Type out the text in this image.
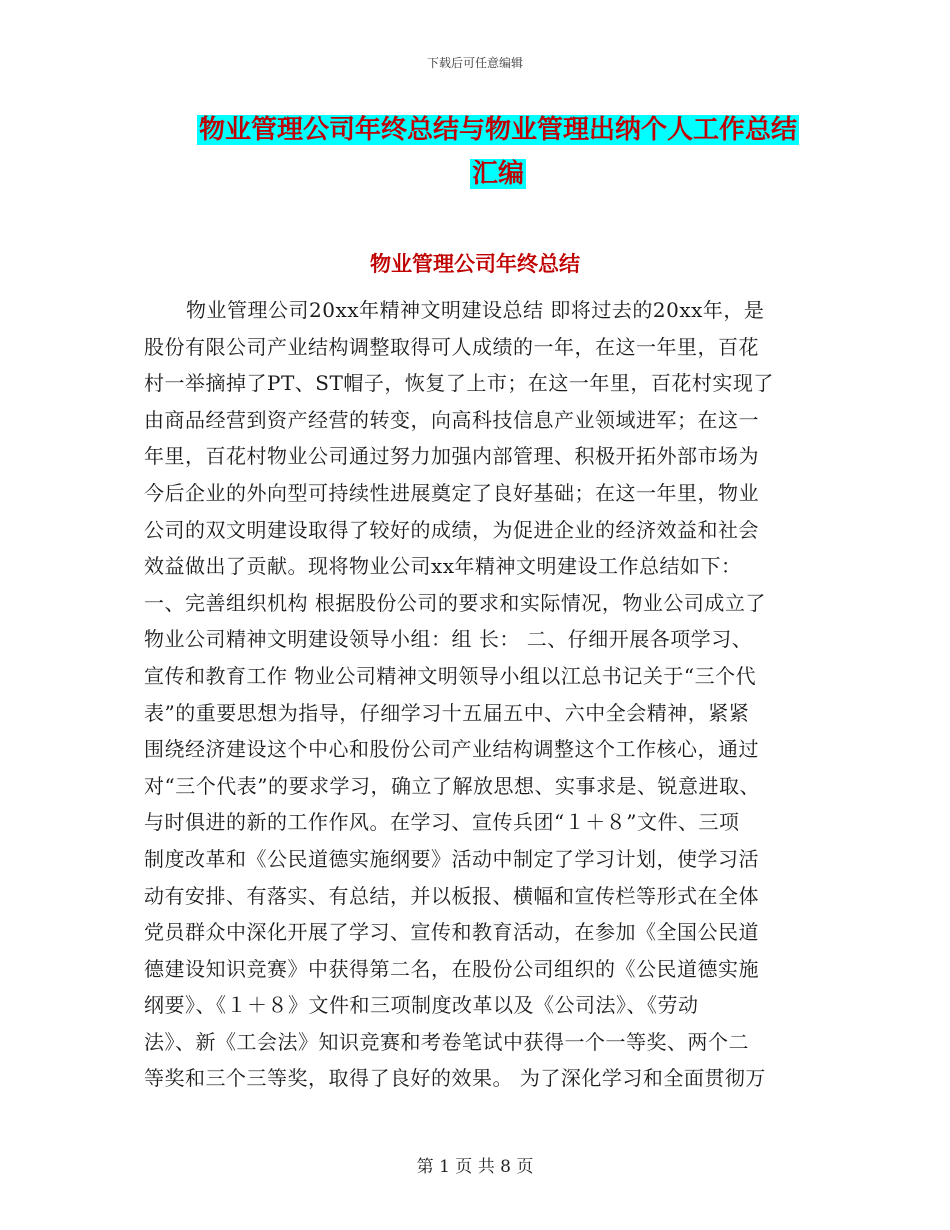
下载后可任意编辑
物业管理公司年终总结与物业管理出纳个人工作总结
汇编
物业管理公司年终总结
物业管理公司20xx年精神文明建设总结 即将过去的20xx年，是
股份有限公司产业结构调整取得可人成绩的一年，在这一年里，百花
村一举摘掉了PT、ST帽子，恢复了上市；在这一年里，百花村实现了
由商品经营到资产经营的转变，向高科技信息产业领域进军；在这一
年里，百花村物业公司通过努力加强内部管理、积极开拓外部市场为
今后企业的外向型可持续性进展奠定了良好基础；在这一年里，物业
公司的双文明建设取得了较好的成绩，为促进企业的经济效益和社会
效益做出了贡献。现将物业公司xx年精神文明建设工作总结如下：
一、完善组织机构 根据股份公司的要求和实际情况，物业公司成立了
物业公司精神文明建设领导小组：组 长： 二、仔细开展各项学习、
宣传和教育工作 物业公司精神文明领导小组以江总书记关于“三个代
表”的重要思想为指导，仔细学习十五届五中、六中全会精神，紧紧
围绕经济建设这个中心和股份公司产业结构调整这个工作核心，通过
对“三个代表”的要求学习，确立了解放思想、实事求是、锐意进取、
与时俱进的新的工作作风。在学习、宣传兵团“１＋８”文件、三项
制度改革和《公民道德实施纲要》活动中制定了学习计划，使学习活
动有安排、有落实、有总结，并以板报、横幅和宣传栏等形式在全体
党员群众中深化开展了学习、宣传和教育活动，在参加《全国公民道
德建设知识竞赛》中获得第二名，在股份公司组织的《公民道德实施
纲要》、《１＋８》文件和三项制度改革以及《公司法》、《劳动
法》、新《工会法》知识竞赛和考卷笔试中获得一个一等奖、两个二
等奖和三个三等奖，取得了良好的效果。 为了深化学习和全面贯彻万
第 1 页 共 8 页
